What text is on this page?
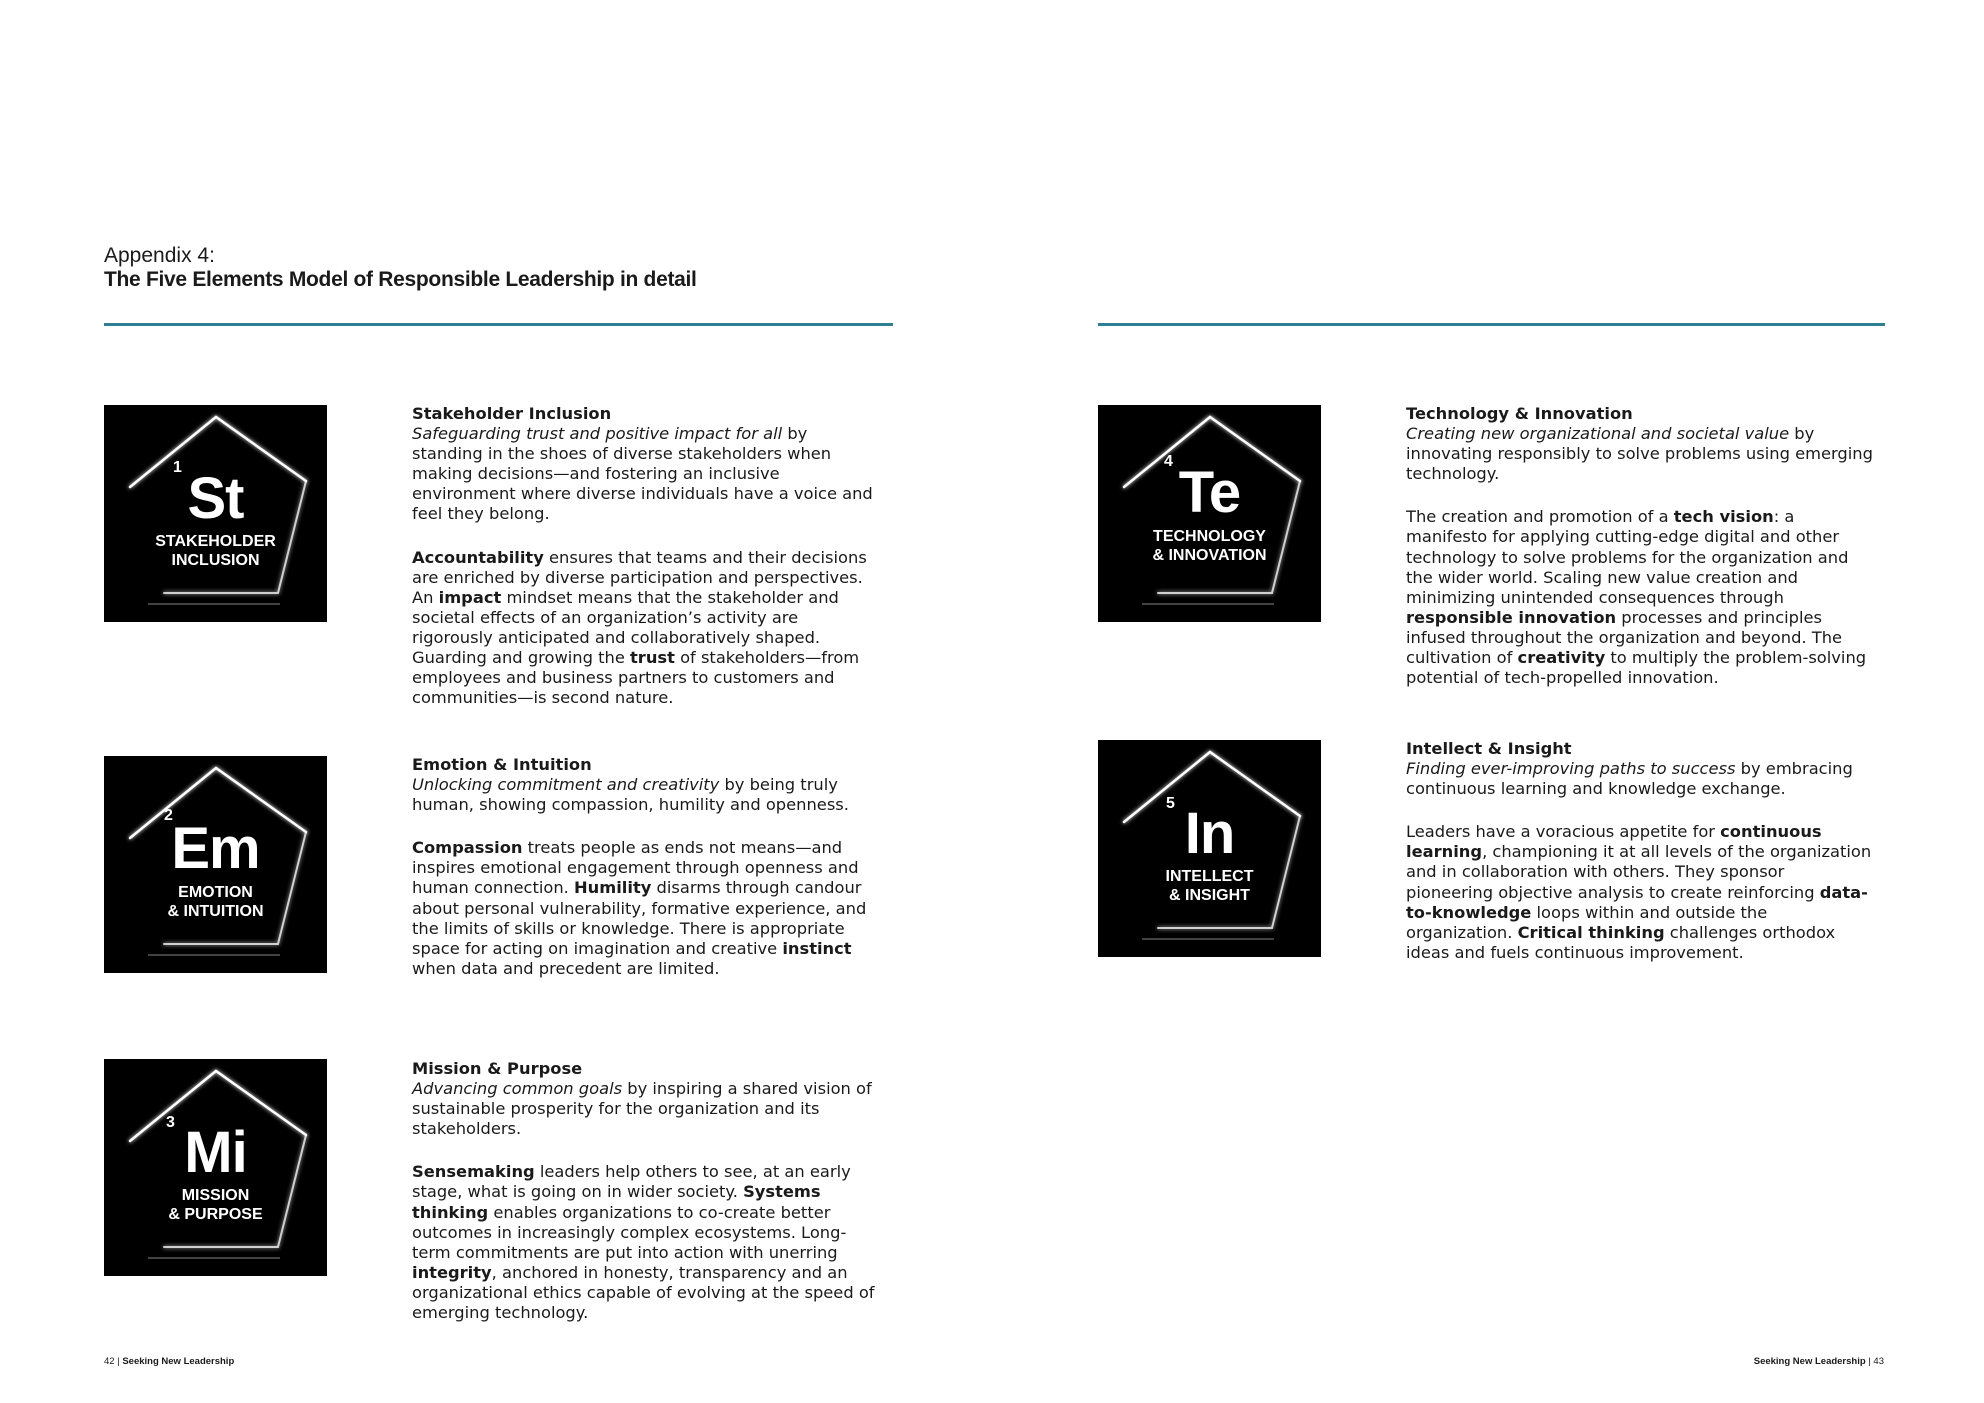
Appendix 4:
The Five Elements Model of Responsible Leadership in detail
1 St
STAKEHOLDER
INCLUSION

Stakeholder Inclusion
Safeguarding trust and positive impact for all by standing in the shoes of diverse stakeholders when making decisions—and fostering an inclusive environment where diverse individuals have a voice and feel they belong.

Accountability ensures that teams and their decisions are enriched by diverse participation and perspectives. An impact mindset means that the stakeholder and societal effects of an organization’s activity are rigorously anticipated and collaboratively shaped. Guarding and growing the trust of stakeholders—from employees and business partners to customers and communities—is second nature.

2
Em
EMOTION
& INTUITION

Emotion & Intuition
Unlocking commitment and creativity by being truly human, showing compassion, humility and openness.

Compassion treats people as ends not means—and inspires emotional engagement through openness and human connection. Humility disarms through candour about personal vulnerability, formative experience, and the limits of skills or knowledge. There is appropriate space for acting on imagination and creative instinct when data and precedent are limited.

3 Mi
MISSION
& PURPOSE

Mission & Purpose
Advancing common goals by inspiring a shared vision of sustainable prosperity for the organization and its stakeholders.

Sensemaking leaders help others to see, at an early stage, what is going on in wider society. Systems thinking enables organizations to co-create better outcomes in increasingly complex ecosystems. Long-term commitments are put into action with unerring integrity, anchored in honesty, transparency and an organizational ethics capable of evolving at the speed of emerging technology.

4 Te
TECHNOLOGY
& INNOVATION

Technology & Innovation
Creating new organizational and societal value by innovating responsibly to solve problems using emerging technology.

The creation and promotion of a tech vision: a manifesto for applying cutting-edge digital and other technology to solve problems for the organization and the wider world. Scaling new value creation and minimizing unintended consequences through responsible innovation processes and principles infused throughout the organization and beyond. The cultivation of creativity to multiply the problem-solving potential of tech-propelled innovation.

5 In
INTELLECT
& INSIGHT

Intellect & Insight
Finding ever-improving paths to success by embracing continuous learning and knowledge exchange.

Leaders have a voracious appetite for continuous learning, championing it at all levels of the organization and in collaboration with others. They sponsor pioneering objective analysis to create reinforcing data-to-knowledge loops within and outside the organization. Critical thinking challenges orthodox ideas and fuels continuous improvement.

42 | Seeking New Leadership	Seeking New Leadership | 43
